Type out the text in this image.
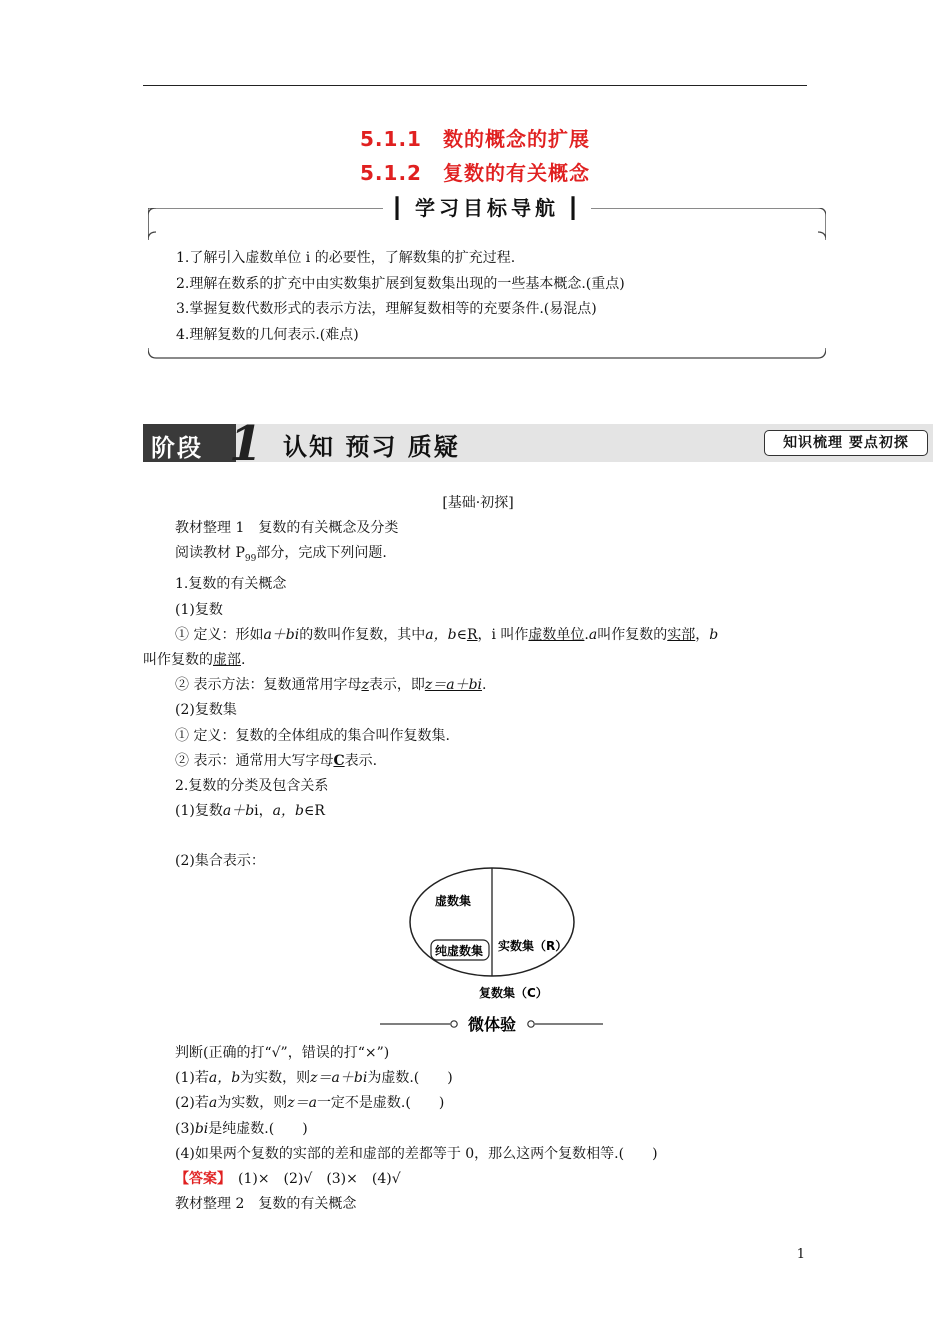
5.1.1　数的概念的扩展
5.1.2　复数的有关概念
┃ 学习目标导航 ┃
1.了解引入虚数单位 i 的必要性，了解数集的扩充过程.
2.理解在数系的扩充中由实数集扩展到复数集出现的一些基本概念.(重点)
3.掌握复数代数形式的表示方法，理解复数相等的充要条件.(易混点)
4.理解复数的几何表示.(难点)
阶段 1 认知 预习 质疑	知识梳理 要点初探

[基础·初探]

教材整理 1　复数的有关概念及分类

阅读教材 $P_{99}$部分，完成下列问题.

1.复数的有关概念

(1)复数

① 定义：形如a＋bi的数叫作复数，其中a，b∈R，i 叫作虚数单位.a叫作复数的实部，b

叫作复数的虚部.

② 表示方法：复数通常用字母z表示，即z＝a＋bi.

(2)复数集

① 定义：复数的全体组成的集合叫作复数集.

② 表示：通常用大写字母C表示.

2.复数的分类及包含关系

(1)复数a＋bi，a，b∈R

(2)集合表示：

虚数集
纯虚数集 实数集（R）
复数集（C）
微体验

判断(正确的打“√”，错误的打“×”)

(1)若a，b为实数，则z＝a＋bi为虚数.(　　)

(2)若a为实数，则z＝a一定不是虚数.(　　)

(3)bi是纯虚数.(　　)

(4)如果两个复数的实部的差和虚部的差都等于 0，那么这两个复数相等.(　　)

【答案】　(1)×　(2)√　(3)×　(4)√

教材整理 2　复数的有关概念

1
